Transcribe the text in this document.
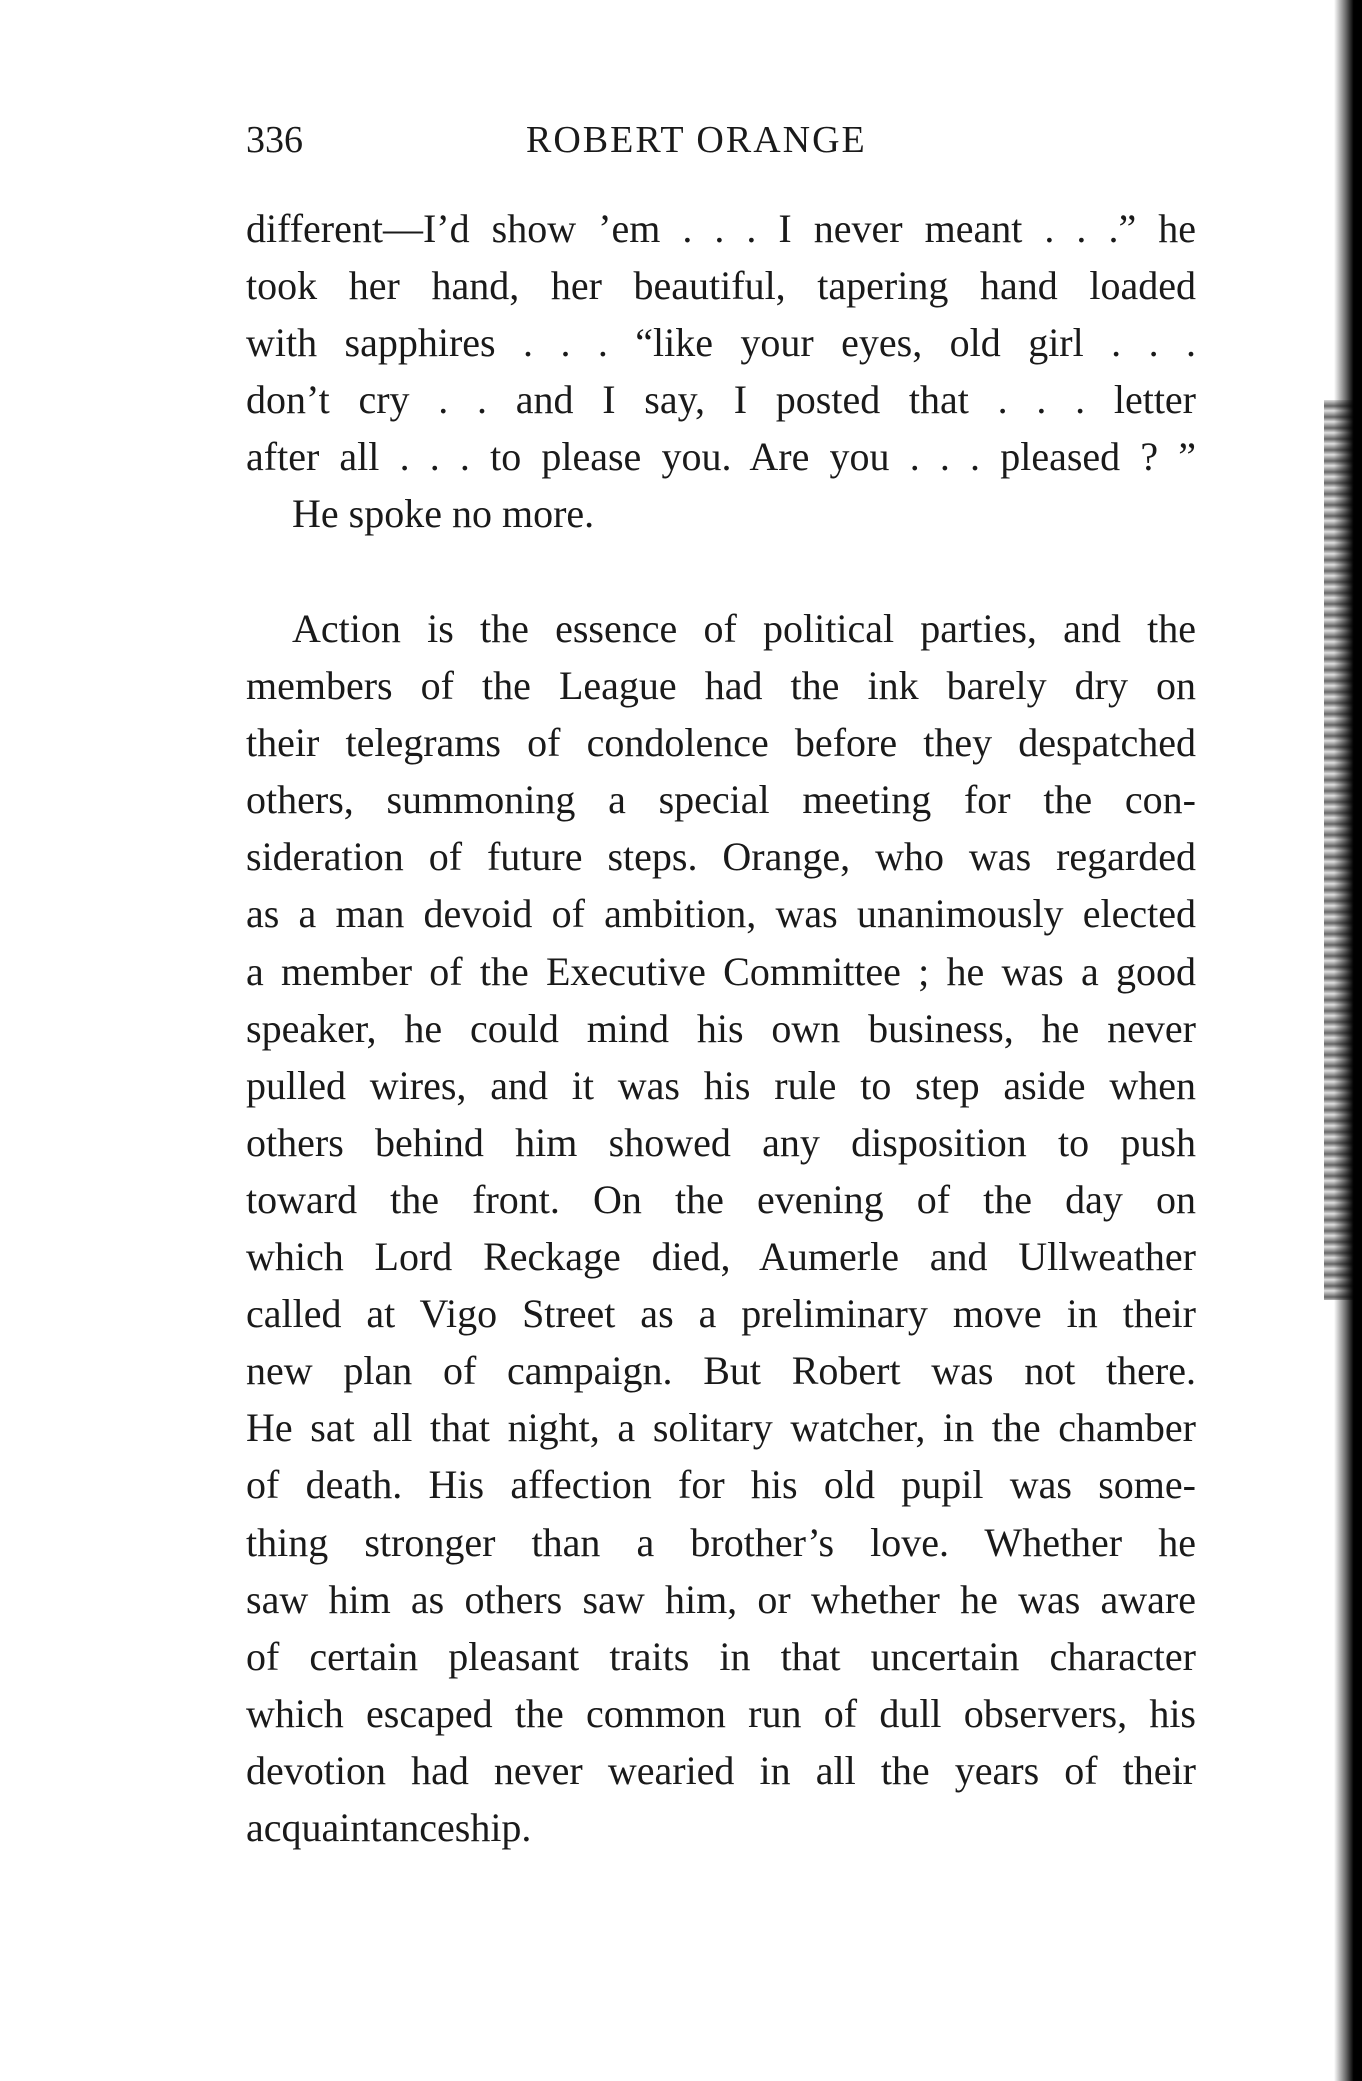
336	ROBERT ORANGE
different—I’d show ’em . . . I never meant . . .” he
took her hand, her beautiful, tapering hand loaded
with sapphires . . . “like your eyes, old girl . . .
don’t cry . . and I say, I posted that . . . letter
after all . . . to please you. Are you . . . pleased ? ”
He spoke no more.
Action is the essence of political parties, and the
members of the League had the ink barely dry on
their telegrams of condolence before they despatched
others, summoning a special meeting for the con-
sideration of future steps. Orange, who was regarded
as a man devoid of ambition, was unanimously elected
a member of the Executive Committee ; he was a good
speaker, he could mind his own business, he never
pulled wires, and it was his rule to step aside when
others behind him showed any disposition to push
toward the front. On the evening of the day on
which Lord Reckage died, Aumerle and Ullweather
called at Vigo Street as a preliminary move in their
new plan of campaign. But Robert was not there.
He sat all that night, a solitary watcher, in the chamber
of death. His affection for his old pupil was some-
thing stronger than a brother’s love. Whether he
saw him as others saw him, or whether he was aware
of certain pleasant traits in that uncertain character
which escaped the common run of dull observers, his
devotion had never wearied in all the years of their
acquaintanceship.
